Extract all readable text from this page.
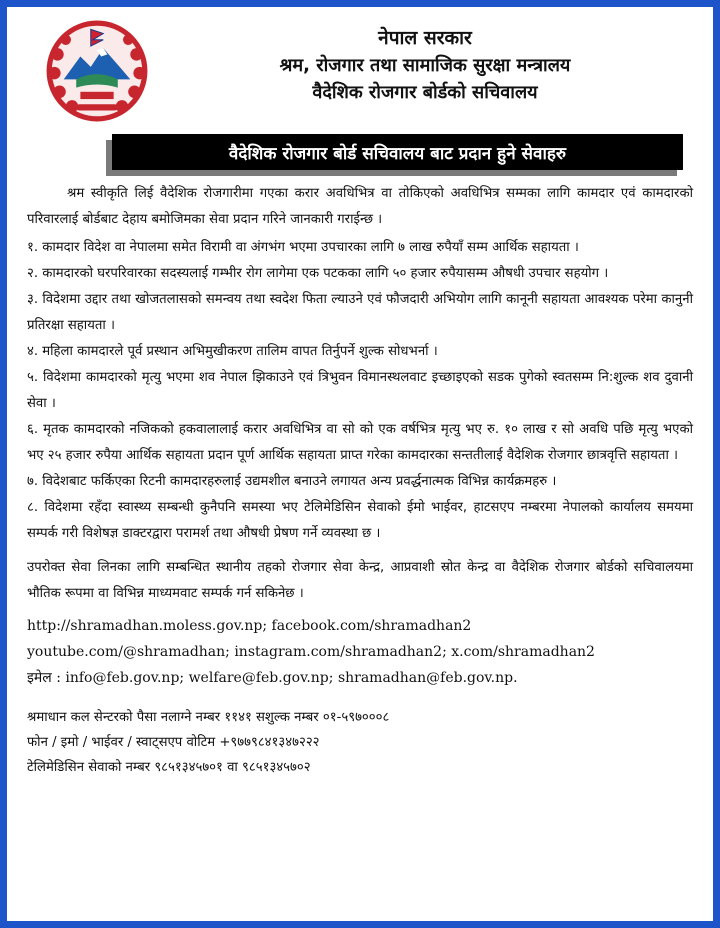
नेपाल सरकार
श्रम, रोजगार तथा सामाजिक सुरक्षा मन्त्रालय
वैदेशिक रोजगार बोर्डको सचिवालय
वैदेशिक रोजगार बोर्ड सचिवालय बाट प्रदान हुने सेवाहरु

श्रम स्वीकृति लिई वैदेशिक रोजगारीमा गएका करार अवधिभित्र वा तोकिएको अवधिभित्र सम्मका लागि कामदार एवं कामदारको परिवारलाई बोर्डबाट देहाय बमोजिमका सेवा प्रदान गरिने जानकारी गराईन्छ ।

१. कामदार विदेश वा नेपालमा समेत विरामी वा अंगभंग भएमा उपचारका लागि ७ लाख रुपैयाँ सम्म आर्थिक सहायता ।

२. कामदारको घरपरिवारका सदस्यलाई गम्भीर रोग लागेमा एक पटकका लागि ५० हजार रुपैयासम्म औषधी उपचार सहयोग ।

३. विदेशमा उद्दार तथा खोजतलासको समन्वय तथा स्वदेश फिता ल्याउने एवं फौजदारी अभियोग लागि कानूनी सहायता आवश्यक परेमा कानुनी प्रतिरक्षा सहायता ।

४. महिला कामदारले पूर्व प्रस्थान अभिमुखीकरण तालिम वापत तिर्नुपर्ने शुल्क सोधभर्ना ।

५. विदेशमा कामदारको मृत्यु भएमा शव नेपाल झिकाउने एवं त्रिभुवन विमानस्थलवाट इच्छाइएको सडक पुगेको स्वतसम्म नि:शुल्क शव दुवानी सेवा ।

६. मृतक कामदारको नजिकको हकवालालाई करार अवधिभित्र वा सो को एक वर्षभित्र मृत्यु भए रु. १० लाख र सो अवधि पछि मृत्यु भएको भए २५ हजार रुपैया आर्थिक सहायता प्रदान पूर्ण आर्थिक सहायता प्राप्त गरेका कामदारका सन्ततीलाई वैदेशिक रोजगार छात्रवृत्ति सहायता ।

७. विदेशबाट फर्किएका रिटनी कामदारहरुलाई उद्यमशील बनाउने लगायत अन्य प्रवर्द्धनात्मक विभिन्न कार्यक्रमहरु ।

८. विदेशमा रहँदा स्वास्थ्य सम्बन्धी कुनैपनि समस्या भए टेलिमेडिसिन सेवाको ईमो भाईवर, हाटसएप नम्बरमा नेपालको कार्यालय समयमा सम्पर्क गरी विशेषज्ञ डाक्टरद्वारा परामर्श तथा औषधी प्रेषण गर्ने व्यवस्था छ ।

उपरोक्त सेवा लिनका लागि सम्बन्धित स्थानीय तहको रोजगार सेवा केन्द्र, आप्रवाशी स्रोत केन्द्र वा वैदेशिक रोजगार बोर्डको सचिवालयमा भौतिक रूपमा वा विभिन्न माध्यमवाट सम्पर्क गर्न सकिनेछ ।

http://shramadhan.moless.gov.np; facebook.com/shramadhan2
youtube.com/@shramadhan; instagram.com/shramadhan2; x.com/shramadhan2
इमेल : info@feb.gov.np; welfare@feb.gov.np; shramadhan@feb.gov.np.
श्रमाधान कल सेन्टरको पैसा नलाग्ने नम्बर ११४१ सशुल्क नम्बर ०१-५९७०००८
फोन / इमो / भाईवर / स्वाट्सएप वोटिम +९७७९८४१३४७२२२
टेलिमेडिसिन सेवाको नम्बर ९८५१३४५७०१ वा ९८५१३४५७०२
